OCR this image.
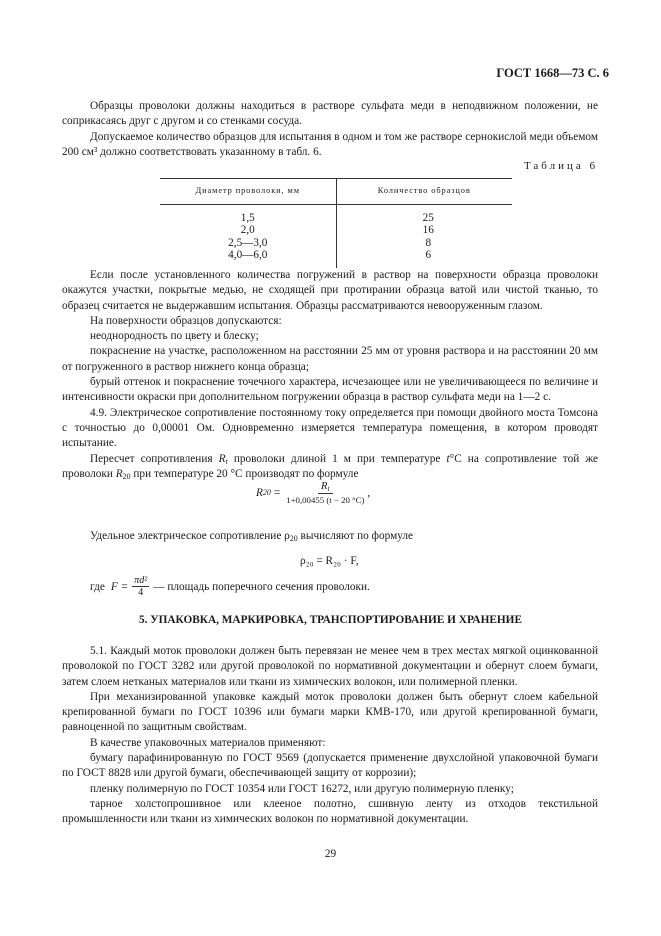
ГОСТ 1668—73 С. 6

Образцы проволоки должны находиться в растворе сульфата меди в неподвижном положении, не соприкасаясь друг с другом и со стенками сосуда.

Допускаемое количество образцов для испытания в одном и том же растворе сернокислой меди объемом 200 см³ должно соответствовать указанному в табл. 6.

Таблица 6
Диаметр проволоки, мм	Количество образцов
1,5	25
2,0	16
2,5—3,0	8
4,0—6,0	6

Если после установленного количества погружений в раствор на поверхности образца проволоки окажутся участки, покрытые медью, не сходящей при протирании образца ватой или чистой тканью, то образец считается не выдержавшим испытания. Образцы рассматриваются невооруженным глазом.

На поверхности образцов допускаются:

неоднородность по цвету и блеску;

покраснение на участке, расположенном на расстоянии 25 мм от уровня раствора и на расстоянии 20 мм от погруженного в раствор нижнего конца образца;

бурый оттенок и покраснение точечного характера, исчезающее или не увеличивающееся по величине и интенсивности окраски при дополнительном погружении образца в раствор сульфата меди на 1—2 с.

4.9. Электрическое сопротивление постоянному току определяется при помощи двойного моста Томсона с точностью до 0,00001 Ом. Одновременно измеряется температура помещения, в котором проводят испытание.

Пересчет сопротивления $R_t$ проволоки длиной 1 м при температуре t°С на сопротивление той же проволоки $R_{20}$ при температуре 20 °С производят по формуле

R $20 = \frac{R_t}{1+0,00455 (t - 20 ^\circ С)}$ ,

Удельное электрическое сопротивление $\rho_{20}$ вычисляют по формуле

ρ₂₀ = R₂₀ · F,
где $F = \frac{\text{πd²}}{4}$ — площадь поперечного сечения проволоки.
5. УПАКОВКА, МАРКИРОВКА, ТРАНСПОРТИРОВАНИЕ И ХРАНЕНИЕ

5.1. Каждый моток проволоки должен быть перевязан не менее чем в трех местах мягкой оцинкованной проволокой по ГОСТ 3282 или другой проволокой по нормативной документации и обернут слоем бумаги, затем слоем нетканых материалов или ткани из химических волокон, или полимерной пленки.

При механизированной упаковке каждый моток проволоки должен быть обернут слоем кабельной крепированной бумаги по ГОСТ 10396 или бумаги марки КМВ-170, или другой крепированной бумаги, равноценной по защитным свойствам.

В качестве упаковочных материалов применяют:

бумагу парафинированную по ГОСТ 9569 (допускается применение двухслойной упаковочной бумаги по ГОСТ 8828 или другой бумаги, обеспечивающей защиту от коррозии);

пленку полимерную по ГОСТ 10354 или ГОСТ 16272, или другую полимерную пленку;

тарное холстопрошивное или клееное полотно, сшивную ленту из отходов текстильной промышленности или ткани из химических волокон по нормативной документации.

29
